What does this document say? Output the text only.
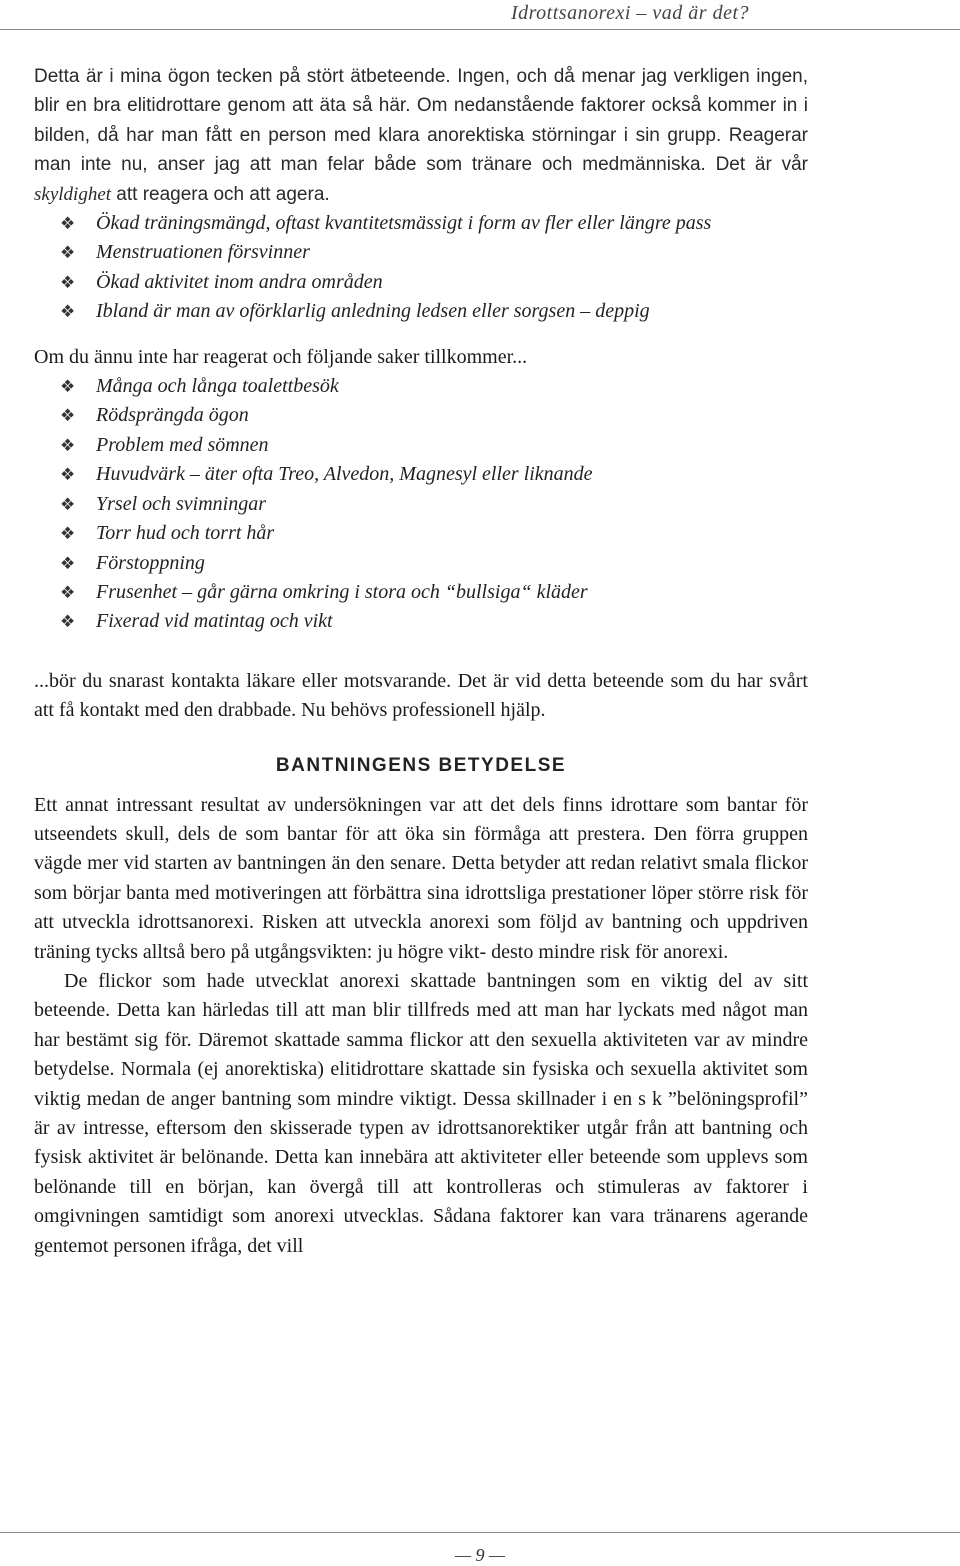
Idrottsanorexi – vad är det?

Detta är i mina ögon tecken på stört ätbeteende. Ingen, och då menar jag verkligen ingen, blir en bra elitidrottare genom att äta så här. Om nedanstående faktorer också kommer in i bilden, då har man fått en person med klara anorektiska störningar i sin grupp. Reagerar man inte nu, anser jag att man felar både som tränare och medmänniska. Det är vår skyldighet att reagera och att agera.

❖ Ökad träningsmängd, oftast kvantitetsmässigt i form av fler eller längre pass
❖ Menstruationen försvinner
❖ Ökad aktivitet inom andra områden
❖ Ibland är man av oförklarlig anledning ledsen eller sorgsen – deppig

Om du ännu inte har reagerat och följande saker tillkommer...

❖ Många och långa toalettbesök
❖ Rödsprängda ögon
❖ Problem med sömnen
❖ Huvudvärk – äter ofta Treo, Alvedon, Magnesyl eller liknande
❖ Yrsel och svimningar
❖ Torr hud och torrt hår
❖ Förstoppning
❖ Frusenhet – går gärna omkring i stora och “bullsiga“ kläder
❖ Fixerad vid matintag och vikt

...bör du snarast kontakta läkare eller motsvarande. Det är vid detta beteende som du har svårt att få kontakt med den drabbade. Nu behövs professionell hjälp.

BANTNINGENS BETYDELSE

Ett annat intressant resultat av undersökningen var att det dels finns idrottare som bantar för utseendets skull, dels de som bantar för att öka sin förmåga att prestera. Den förra gruppen vägde mer vid starten av bantningen än den senare. Detta betyder att redan relativt smala flickor som börjar banta med motiveringen att förbättra sina idrottsliga prestationer löper större risk för att utveckla idrottsanorexi. Risken att utveckla anorexi som följd av bantning och uppdriven träning tycks alltså bero på utgångsvikten: ju högre vikt- desto mindre risk för anorexi.

De flickor som hade utvecklat anorexi skattade bantningen som en viktig del av sitt beteende. Detta kan härledas till att man blir tillfreds med att man har lyckats med något man har bestämt sig för. Däremot skattade samma flickor att den sexuella aktiviteten var av mindre betydelse. Normala (ej anorektiska) elitidrottare skattade sin fysiska och sexuella aktivitet som viktig medan de anger bantning som mindre viktigt. Dessa skillnader i en s k ”belöningsprofil” är av intresse, eftersom den skisserade typen av idrottsanorektiker utgår från att bantning och fysisk aktivitet är belönande. Detta kan innebära att aktiviteter eller beteende som upplevs som belönande till en början, kan övergå till att kontrolleras och stimuleras av faktorer i omgivningen samtidigt som anorexi utvecklas. Sådana faktorer kan vara tränarens agerande gentemot personen ifråga, det vill

— 9 —
